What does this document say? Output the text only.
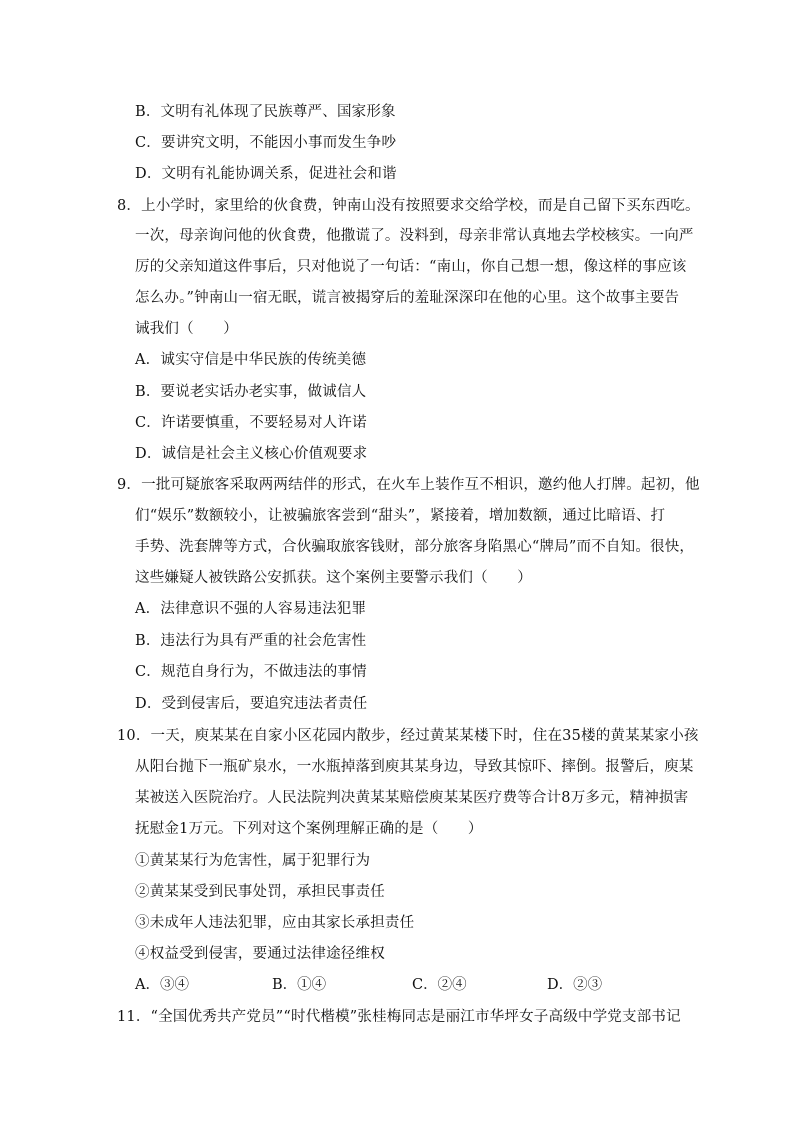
B．文明有礼体现了民族尊严、国家形象
C．要讲究文明，不能因小事而发生争吵
D．文明有礼能协调关系，促进社会和谐
8．上小学时，家里给的伙食费，钟南山没有按照要求交给学校，而是自己留下买东西吃。
一次，母亲询问他的伙食费，他撒谎了。没料到，母亲非常认真地去学校核实。一向严
厉的父亲知道这件事后，只对他说了一句话：“南山，你自己想一想，像这样的事应该
怎么办。”钟南山一宿无眠，谎言被揭穿后的羞耻深深印在他的心里。这个故事主要告
诫我们（　　）
A．诚实守信是中华民族的传统美德
B．要说老实话办老实事，做诚信人
C．许诺要慎重，不要轻易对人许诺
D．诚信是社会主义核心价值观要求
9．一批可疑旅客采取两两结伴的形式，在火车上装作互不相识，邀约他人打牌。起初，他
们“娱乐”数额较小，让被骗旅客尝到“甜头”，紧接着，增加数额，通过比暗语、打
手势、洗套牌等方式，合伙骗取旅客钱财，部分旅客身陷黑心“牌局”而不自知。很快，
这些嫌疑人被铁路公安抓获。这个案例主要警示我们（　　）
A．法律意识不强的人容易违法犯罪
B．违法行为具有严重的社会危害性
C．规范自身行为，不做违法的事情
D．受到侵害后，要追究违法者责任
10．一天，庾某某在自家小区花园内散步，经过黄某某楼下时，住在35楼的黄某某家小孩
从阳台抛下一瓶矿泉水，一水瓶掉落到庾其某身边，导致其惊吓、摔倒。报警后，庾某
某被送入医院治疗。人民法院判决黄某某赔偿庾某某医疗费等合计8万多元，精神损害
抚慰金1万元。下列对这个案例理解正确的是（　　）
①黄某某行为危害性，属于犯罪行为
②黄某某受到民事处罚，承担民事责任
③未成年人违法犯罪，应由其家长承担责任
④权益受到侵害，要通过法律途径维权
A．③④	B．①④	C．②④	D．②③
11．“全国优秀共产党员”“时代楷模”张桂梅同志是丽江市华坪女子高级中学党支部书记
